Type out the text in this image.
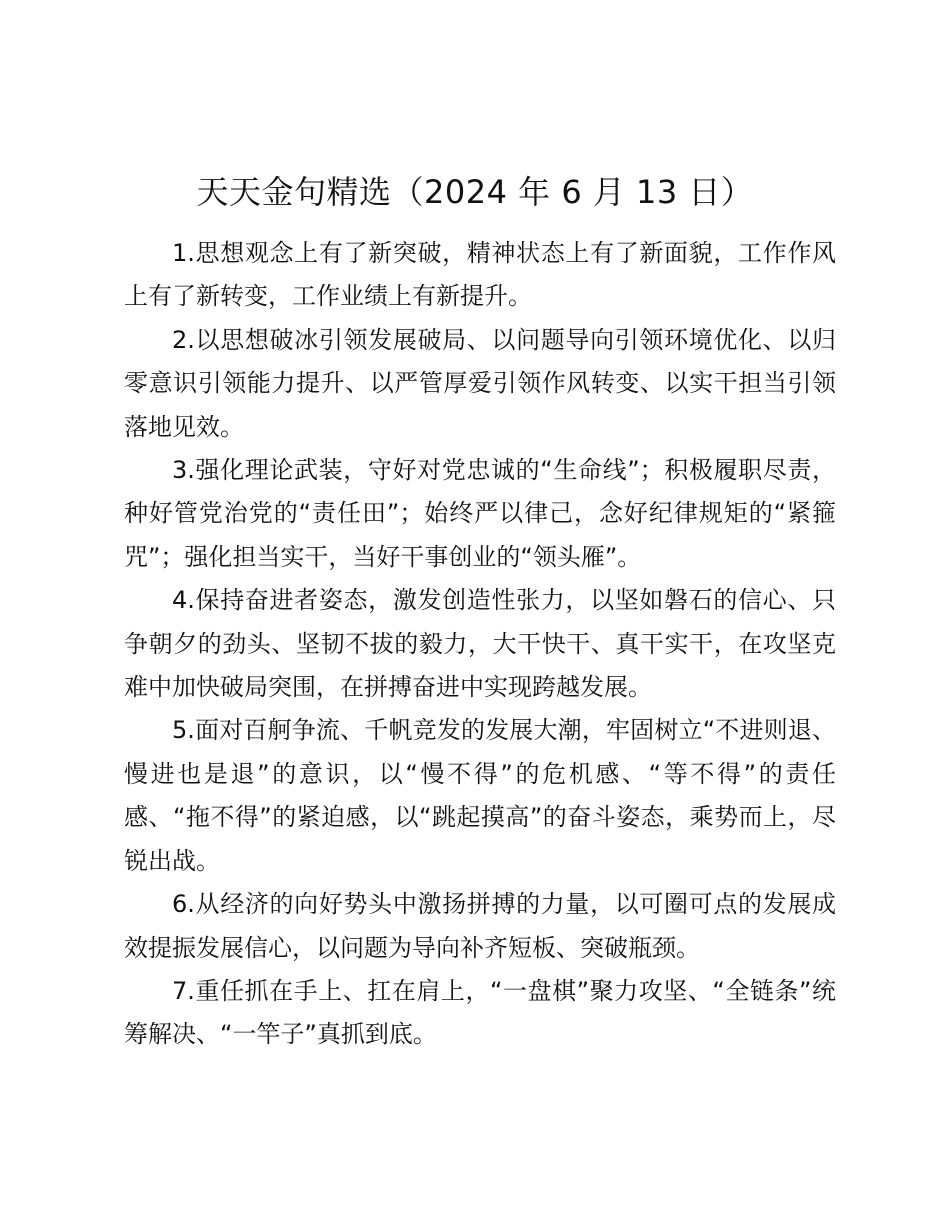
天天金句精选（2024 年 6 月 13 日）

1.思想观念上有了新突破，精神状态上有了新面貌，工作作风上有了新转变，工作业绩上有新提升。

2.以思想破冰引领发展破局、以问题导向引领环境优化、以归零意识引领能力提升、以严管厚爱引领作风转变、以实干担当引领落地见效。

3.强化理论武装，守好对党忠诚的“生命线”；积极履职尽责，种好管党治党的“责任田”；始终严以律己，念好纪律规矩的“紧箍咒”；强化担当实干，当好干事创业的“领头雁”。

4.保持奋进者姿态，激发创造性张力，以坚如磐石的信心、只争朝夕的劲头、坚韧不拔的毅力，大干快干、真干实干，在攻坚克难中加快破局突围，在拼搏奋进中实现跨越发展。

5.面对百舸争流、千帆竞发的发展大潮，牢固树立“不进则退、慢进也是退”的意识，以“慢不得”的危机感、“等不得”的责任感、“拖不得”的紧迫感，以“跳起摸高”的奋斗姿态，乘势而上，尽锐出战。

6.从经济的向好势头中激扬拼搏的力量，以可圈可点的发展成效提振发展信心，以问题为导向补齐短板、突破瓶颈。

7.重任抓在手上、扛在肩上，“一盘棋”聚力攻坚、“全链条”统筹解决、“一竿子”真抓到底。
